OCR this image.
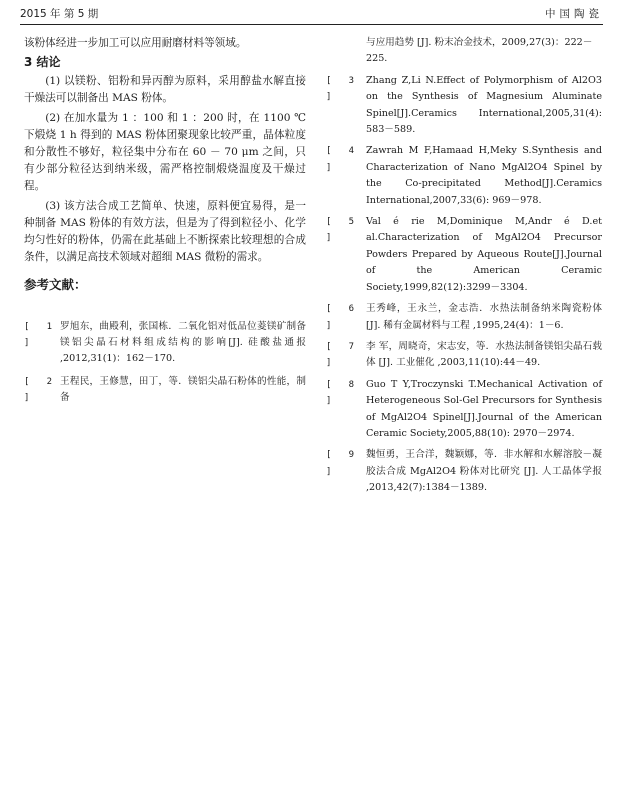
2015 年 第 5 期	中国陶瓷

该粉体经进一步加工可以应用耐磨材料等领域。

3 结论

(1) 以镁粉、铝粉和异丙醇为原料，采用醇盐水解直接干燥法可以制备出 MAS 粉体。

(2) 在加水量为 1 ：100 和 1 ：200 时，在 1100 ℃ 下煅烧 1 h 得到的 MAS 粉体团聚现象比较严重，晶体粒度和分散性不够好，粒径集中分布在 60 － 70 μm 之间，只有少部分粒径达到纳米级，需严格控制煅烧温度及干燥过程。

(3) 该方法合成工艺简单、快速，原料便宜易得，是一种制备 MAS 粉体的有效方法，但是为了得到粒径小、化学均匀性好的粉体，仍需在此基础上不断探索比较理想的合成条件，以满足高技术领域对超细 MAS 微粉的需求。

参考文献：
[ 1 ]
罗旭东，曲殿利，张国栋．二氧化铝对低品位菱镁矿制备镁铝尖晶石材料组成结构的影响[J]. 硅酸盐通报 ,2012,31(1)：162－170.
[ 2 ]
王程民，王修慧，田丁，等．镁铝尖晶石粉体的性能，制备
与应用趋势 [J]. 粉末冶金技术，2009,27(3)：222－225.
[ 3 ]
Zhang Z,Li N.Effect of Polymorphism of Al2O3 on the Synthesis of Magnesium Aluminate Spinel[J].Ceramics International,2005,31(4): 583－589.
[ 4 ]
Zawrah M F,Hamaad H,Meky S.Synthesis and Characterization of Nano MgAl2O4 Spinel by the Co-precipitated Method[J].Ceramics International,2007,33(6): 969－978.
[ 5 ]
Val é rie M,Dominique M,Andr é D.et al.Characterization of MgAl2O4 Precursor Powders Prepared by Aqueous Route[J].Journal of the American Ceramic Society,1999,82(12):3299－3304.
[ 6 ]
王秀峰，王永兰，金志浩．水热法制备纳米陶瓷粉体 [J]. 稀有金属材料与工程 ,1995,24(4)：1－6.
[ 7 ]
李 军，周晓奇，宋志安，等．水热法制备镁铝尖晶石载体 [J]. 工业催化 ,2003,11(10):44－49.
[ 8 ]
Guo T Y,Troczynski T.Mechanical Activation of Heterogeneous Sol-Gel Precursors for Synthesis of MgAl2O4 Spinel[J].Journal of the American Ceramic Society,2005,88(10): 2970－2974.
[ 9 ]
魏恒勇，王合洋，魏颖娜，等．非水解和水解溶胶－凝胶法合成 MgAl2O4 粉体对比研究 [J]. 人工晶体学报 ,2013,42(7):1384－1389.
